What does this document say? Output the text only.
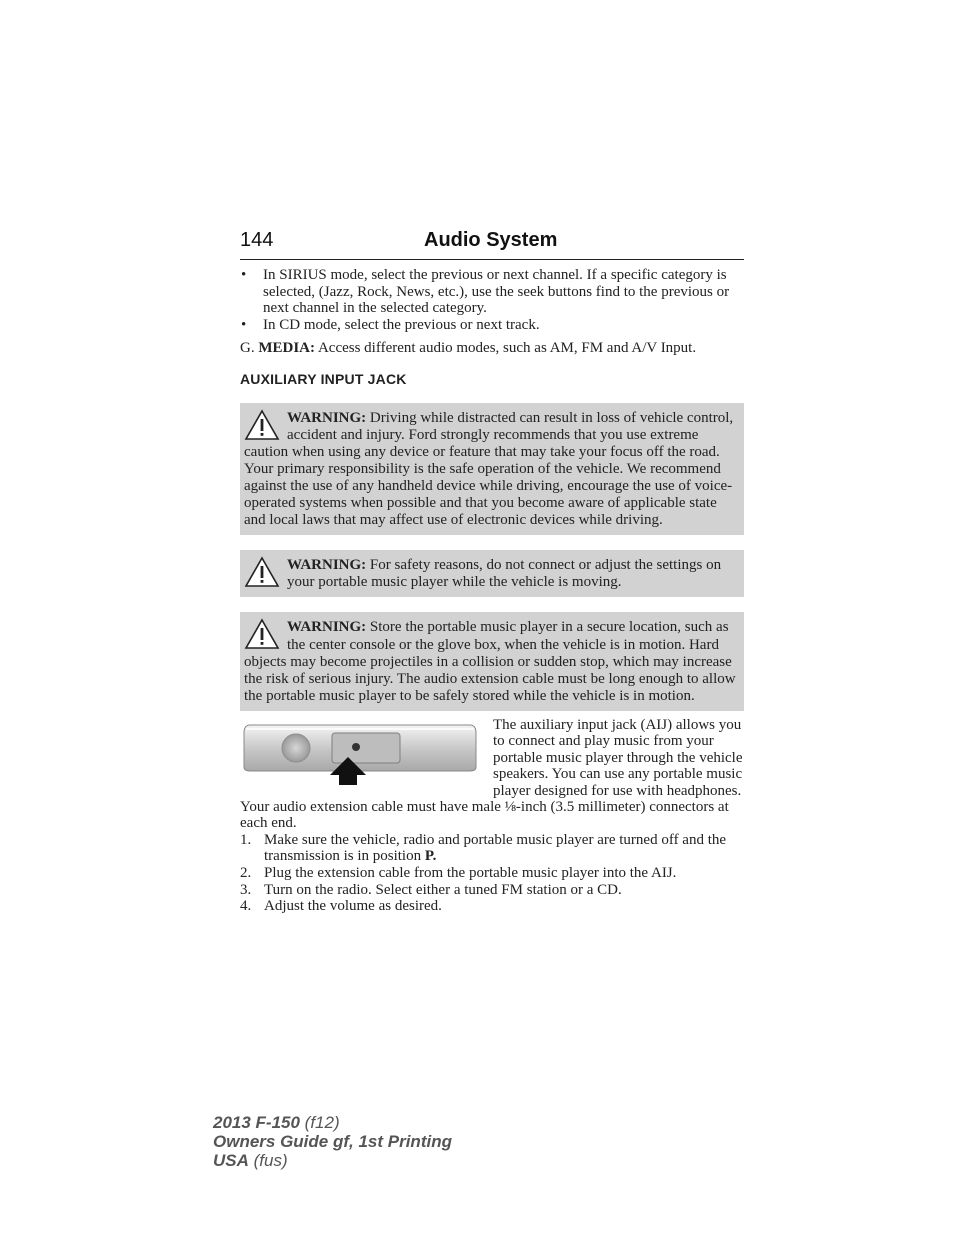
144	Audio System
• In SIRIUS mode, select the previous or next channel. If a specific category is selected, (Jazz, Rock, News, etc.), use the seek buttons find to the previous or next channel in the selected category.
• In CD mode, select the previous or next track.
G. MEDIA: Access different audio modes, such as AM, FM and A/V Input.
AUXILIARY INPUT JACK
WARNING: Driving while distracted can result in loss of vehicle control, accident and injury. Ford strongly recommends that you use extreme caution when using any device or feature that may take your focus off the road. Your primary responsibility is the safe operation of the vehicle. We recommend against the use of any handheld device while driving, encourage the use of voice-operated systems when possible and that you become aware of applicable state and local laws that may affect use of electronic devices while driving.
WARNING: For safety reasons, do not connect or adjust the settings on your portable music player while the vehicle is moving.
WARNING: Store the portable music player in a secure location, such as the center console or the glove box, when the vehicle is in motion. Hard objects may become projectiles in a collision or sudden stop, which may increase the risk of serious injury. The audio extension cable must be long enough to allow the portable music player to be safely stored while the vehicle is in motion.
The auxiliary input jack (AIJ) allows you to connect and play music from your portable music player through the vehicle speakers. You can use any portable music player designed for use with headphones. Your audio extension cable must have male ⅛-inch (3.5 millimeter) connectors at each end.
1. Make sure the vehicle, radio and portable music player are turned off and the transmission is in position P.
2. Plug the extension cable from the portable music player into the AIJ.
3. Turn on the radio. Select either a tuned FM station or a CD.
4. Adjust the volume as desired.
2013 F-150 (f12)
Owners Guide gf, 1st Printing
USA (fus)
